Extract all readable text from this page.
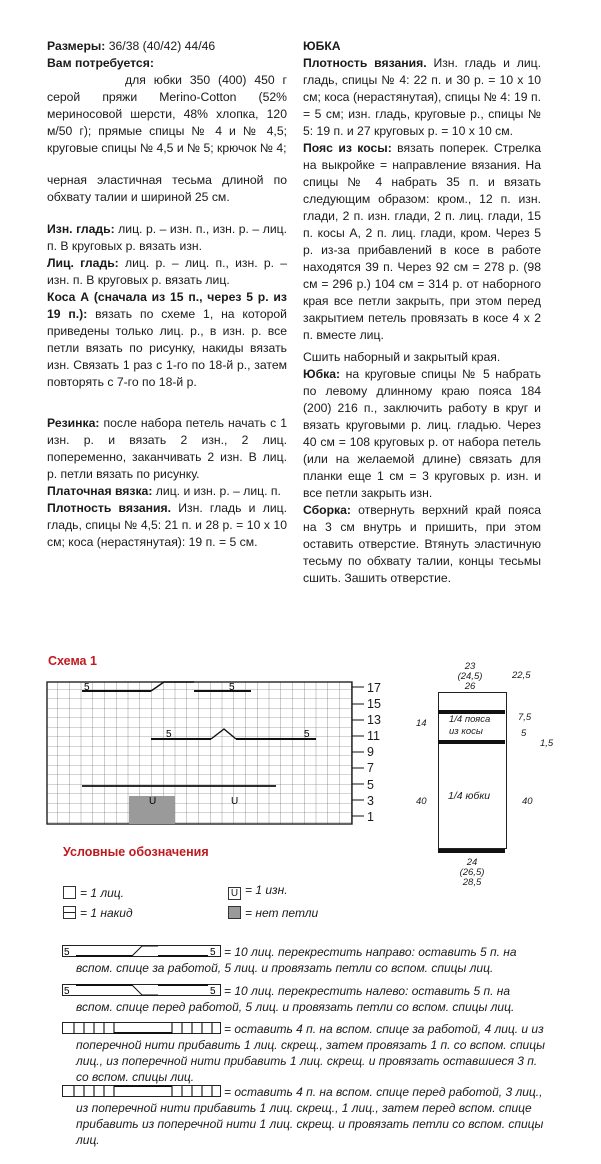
Размеры: 36/38 (40/42) 44/46

Вам потребуется:

для юбки 350 (400) 450 г серой пряжи Merino-Cotton (52% мериносовой шерсти, 48% хлопка, 120 м/50 г); прямые спицы № 4 и № 4,5; круговые спицы № 4,5 и № 5; крючок № 4;

черная эластичная тесьма длиной по обхвату талии и шириной 25 см.

Изн. гладь: лиц. р. – изн. п., изн. р. – лиц. п. В круговых р. вязать изн.

Лиц. гладь: лиц. р. – лиц. п., изн. р. – изн. п. В круговых р. вязать лиц.

Коса А (сначала из 15 п., через 5 р. из 19 п.): вязать по схеме 1, на которой приведены только лиц. р., в изн. р. все петли вязать по рисунку, накиды вязать изн. Связать 1 раз с 1-го по 18-й р., затем повторять с 7-го по 18-й р.

Резинка: после набора петель начать с 1 изн. р. и вязать 2 изн., 2 лиц. попеременно, заканчивать 2 изн. В лиц. р. петли вязать по рисунку.

Платочная вязка: лиц. и изн. р. – лиц. п.

Плотность вязания. Изн. гладь и лиц. гладь, спицы № 4,5: 21 п. и 28 р. = 10 х 10 см; коса (нерастянутая): 19 п. = 5 см.

ЮБКА

Плотность вязания. Изн. гладь и лиц. гладь, спицы № 4: 22 п. и 30 р. = 10 х 10 см; коса (нерастянутая), спицы № 4: 19 п. = 5 см; изн. гладь, круговые р., спицы № 5: 19 п. и 27 круговых р. = 10 х 10 см.

Пояс из косы: вязать поперек. Стрелка на выкройке = направление вязания. На спицы № 4 набрать 35 п. и вязать следующим образом: кром., 12 п. изн. глади, 2 п. изн. глади, 2 п. лиц. глади, 15 п. косы А, 2 п. лиц. глади, кром. Через 5 р. из-за прибавлений в косе в работе находятся 39 п. Через 92 см = 278 р. (98 см = 296 р.) 104 см = 314 р. от наборного края все петли закрыть, при этом перед закрытием петель провязать в косе 4 х 2 п. вместе лиц.

Сшить наборный и закрытый края.

Юбка: на круговые спицы № 5 набрать по левому длинному краю пояса 184 (200) 216 п., заключить работу в круг и вязать круговыми р. лиц. гладью. Через 40 см = 108 круговых р. от набора петель (или на желаемой длине) связать для планки еще 1 см = 3 круговых р. изн. и все петли закрыть изн.

Сборка: отвернуть верхний край пояса на 3 см внутрь и пришить, при этом оставить отверстие. Втянуть эластичную тесьму по обхвату талии, концы тесьмы сшить. Зашить отверстие.

Схема 1
5	5
5	5
U	U
17
15
13
11
9
7
5
3
1
23
(24,5)
26
22,5
1/4 пояса
из косы
14
7,5
5
1,5
1/4 юбки
40	40
24
(26,5)
28,5
Условные обозначения
= 1 лиц.
= 1 накид
U = 1 изн.
= нет петли
5	5 = 10 лиц. перекрестить направо: оставить 5 п. на вспом. спице за работой, 5 лиц. и провязать петли со вспом. спицы лиц.
5	5 = 10 лиц. перекрестить налево: оставить 5 п. на вспом. спице перед работой, 5 лиц. и провязать петли со вспом. спицы лиц.
= оставить 4 п. на вспом. спице за работой, 4 лиц. и из поперечной нити прибавить 1 лиц. скрещ., затем провязать 1 п. со вспом. спицы лиц., из поперечной нити прибавить 1 лиц. скрещ. и провязать оставшиеся 3 п. со вспом. спицы лиц.
= оставить 4 п. на вспом. спице перед работой, 3 лиц., из поперечной нити прибавить 1 лиц. скрещ., 1 лиц., затем перед вспом. спице прибавить из поперечной нити 1 лиц. скрещ. и провязать петли со вспом. спицы лиц.
